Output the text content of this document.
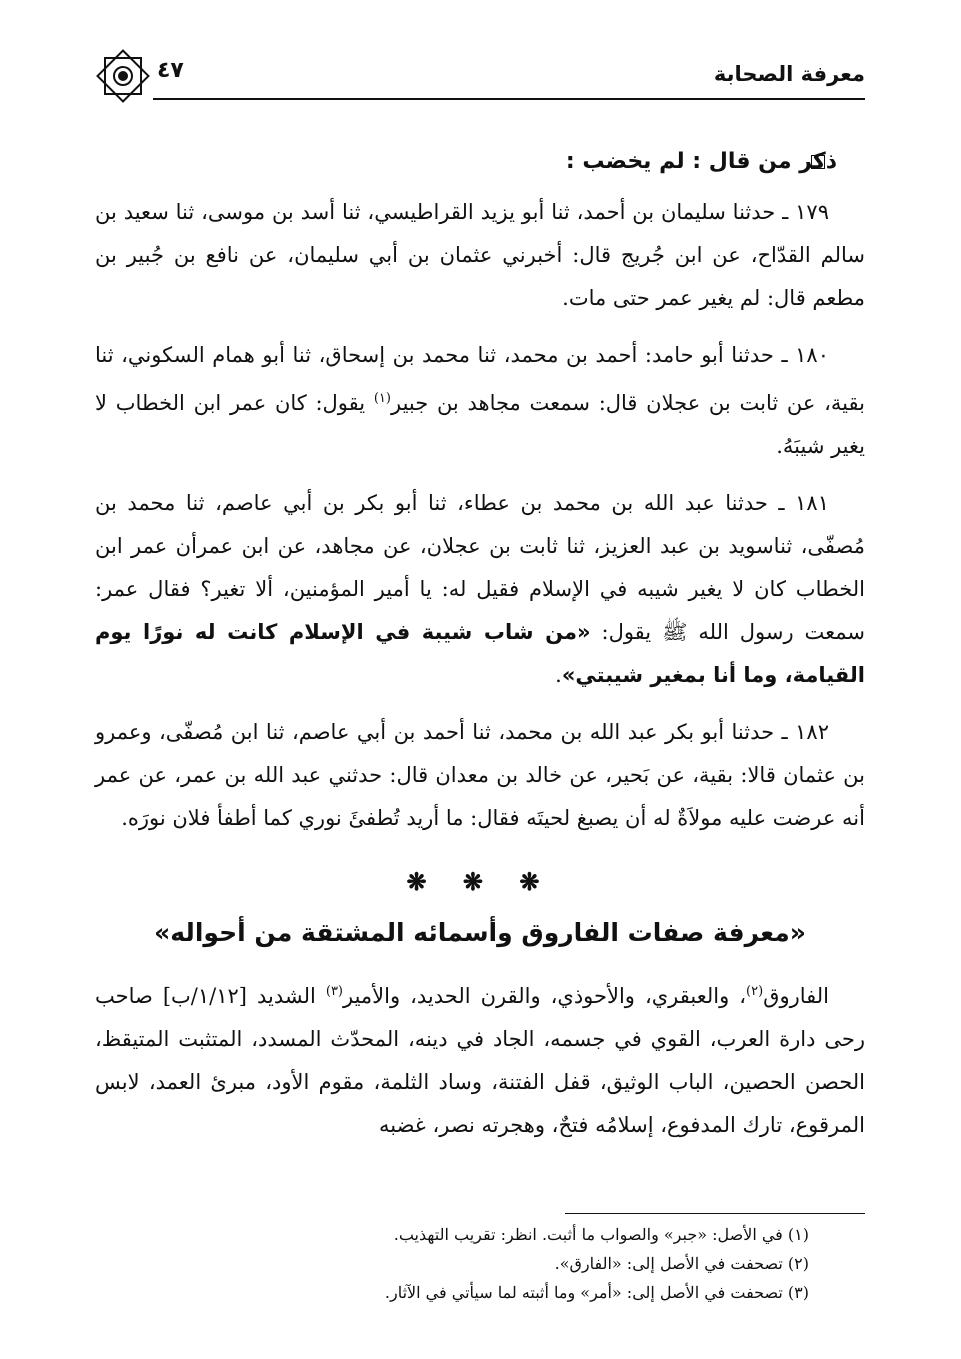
٤٧	معرفة الصحابة
ذكر من قال : لم يخضب :

١٧٩ ـ حدثنا سليمان بن أحمد، ثنا أبو يزيد القراطيسي، ثنا أسد بن موسى، ثنا سعيد بن سالم القدّاح، عن ابن جُريج قال: أخبرني عثمان بن أبي سليمان، عن نافع بن جُبير بن مطعم قال: لم يغير عمر حتى مات.

١٨٠ ـ حدثنا أبو حامد: أحمد بن محمد، ثنا محمد بن إسحاق، ثنا أبو همام السكوني، ثنا بقية، عن ثابت بن عجلان قال: سمعت مجاهد بن جبير$^{(١)}$ يقول: كان عمر ابن الخطاب لا يغير شيبَهُ.

١٨١ ـ حدثنا عبد الله بن محمد بن عطاء، ثنا أبو بكر بن أبي عاصم، ثنا محمد بن مُصفّى، ثناسويد بن عبد العزيز، ثنا ثابت بن عجلان، عن مجاهد، عن ابن عمرأن عمر ابن الخطاب كان لا يغير شيبه في الإسلام فقيل له: يا أمير المؤمنين، ألا تغير؟ فقال عمر: سمعت رسول الله ﷺ يقول: «من شاب شيبة في الإسلام كانت له نورًا يوم القيامة، وما أنا بمغير شيبتي».

١٨٢ ـ حدثنا أبو بكر عبد الله بن محمد، ثنا أحمد بن أبي عاصم، ثنا ابن مُصفّى، وعمرو بن عثمان قالا: بقية، عن بَحير، عن خالد بن معدان قال: حدثني عبد الله بن عمر، عن عمر أنه عرضت عليه مولاَةٌ له أن يصبغ لحيتَه فقال: ما أريد تُطفئَ نوري كما أطفأ فلان نورَه.

❋ ❋ ❋
«معرفة صفات الفاروق وأسمائه المشتقة من أحواله»

الفاروق$^{(٢)}$، والعبقري، والأحوذي، والقرن الحديد، والأمير$^{(٣)}$ الشديد [١/١٢/ب] صاحب رحى دارة العرب، القوي في جسمه، الجاد في دينه، المحدّث المسدد، المتثبت المتيقظ، الحصن الحصين، الباب الوثيق، قفل الفتنة، وساد الثلمة، مقوم الأود، مبرئ العمد، لابس المرقوع، تارك المدفوع، إسلامُه فتحٌ، وهجرته نصر، غضبه

(١) في الأصل: «جبر» والصواب ما أثبت. انظر: تقريب التهذيب.

(٢) تصحفت في الأصل إلى: «الفارق».

(٣) تصحفت في الأصل إلى: «أمر» وما أثبته لما سيأتي في الآثار.
